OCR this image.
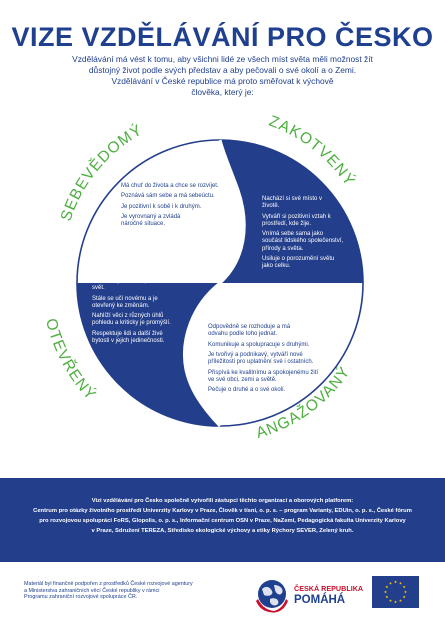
VIZE VZDĚLÁVÁNÍ PRO ČESKO

Vzdělávání má vést k tomu, aby všichni lidé ze všech míst světa měli možnost žít

důstojný život podle svých představ a aby pečovali o své okolí a o Zemi.

Vzdělávání v České republice má proto směřovat k výchově

člověka, který je:

SEBEVĚDOMÝ	ZAKOTVENÝ
OTEVŘENÝ
ANGAŽOVANÝ

Má chuť do života a chce se rozvíjet.

Poznává sám sebe a má sebeúctu.

Je pozitivní k sobě i k druhým.

Je vyrovnaný a zvládá náročné situace.

Nachází si své místo v životě.

Vytváří si pozitivní vztah k prostředí, kde žije.

Vnímá sebe sama jako součást lidského společenství, přírody a světa.

Usiluje o porozumění světu jako celku.

Je zvídavý, baví ho poznávat svět.

Stále se učí novému a je otevřený ke změnám.

Nahlíží věci z různých úhlů pohledu a kriticky je promýšlí.

Respektuje lidi a další živé bytosti v jejich jedinečnosti.

Odpovědně se rozhoduje a má odvahu podle toho jednat.

Komunikuje a spolupracuje s druhými.

Je tvořivý a podnikavý, vytváří nové příležitosti pro uplatnění své i ostatních.

Přispívá ke kvalitnímu a spokojenému žití ve své obci, zemi a světě.

Pečuje o druhé a o své okolí.

Vizi vzdělávání pro Česko společně vytvořili zástupci těchto organizací a oborových platforem:

Centrum pro otázky životního prostředí Univerzity Karlovy v Praze, Člověk v tísni, o. p. s. – program Varianty, EDUin, o. p. s., České fórum

pro rozvojovou spolupráci FoRS, Glopolis, o. p. s., Informační centrum OSN v Praze, NaZemi, Pedagogická fakulta Univerzity Karlovy

v Praze, Sdružení TEREZA, Středisko ekologické výchovy a etiky Rýchory SEVER, Zelený kruh.

Materiál byl finančně podpořen z prostředků České rozvojové agentury

a Ministerstva zahraničních věcí České republiky v rámci

Programu zahraniční rozvojové spolupráce ČR.

ČESKÁ REPUBLIKA
POMÁHÁ
